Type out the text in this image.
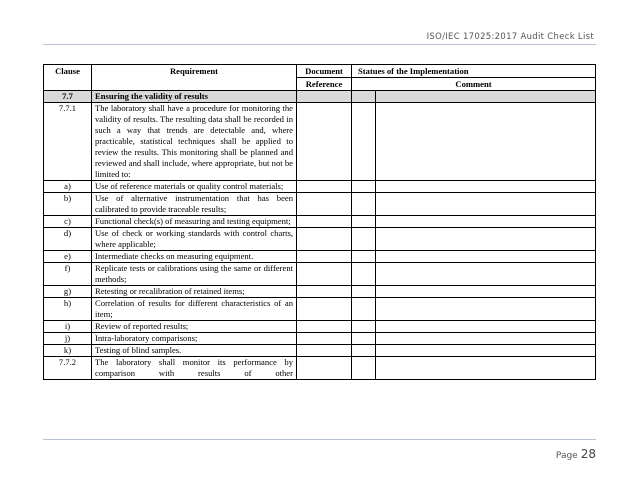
ISO/IEC 17025:2017 Audit Check List
Clause	Requirement	Document	Statues of the Implementation	
		Reference	Comment	
7.7	Ensuring the validity of results			
7.7.1	The laboratory shall have a procedure for monitoring the validity of results. The resulting data shall be recorded in such a way that trends are detectable and, where practicable, statistical techniques shall be applied to review the results. This monitoring shall be planned and reviewed and shall include, where appropriate, but not be limited to:			
a)	Use of reference materials or quality control materials;			
b)	Use of alternative instrumentation that has been calibrated to provide traceable results;			
c)	Functional check(s) of measuring and testing equipment;			
d)	Use of check or working standards with control charts, where applicable;			
e)	Intermediate checks on measuring equipment.			
f)	Replicate tests or calibrations using the same or different methods;			
g)	Retesting or recalibration of retained items;			
h)	Correlation of results for different characteristics of an item;			
i)	Review of reported results;			
j)	Intra-laboratory comparisons;			
k)	Testing of blind samples.			
7.7.2	The laboratory shall monitor its performance by comparison with results of other			
Page 28
